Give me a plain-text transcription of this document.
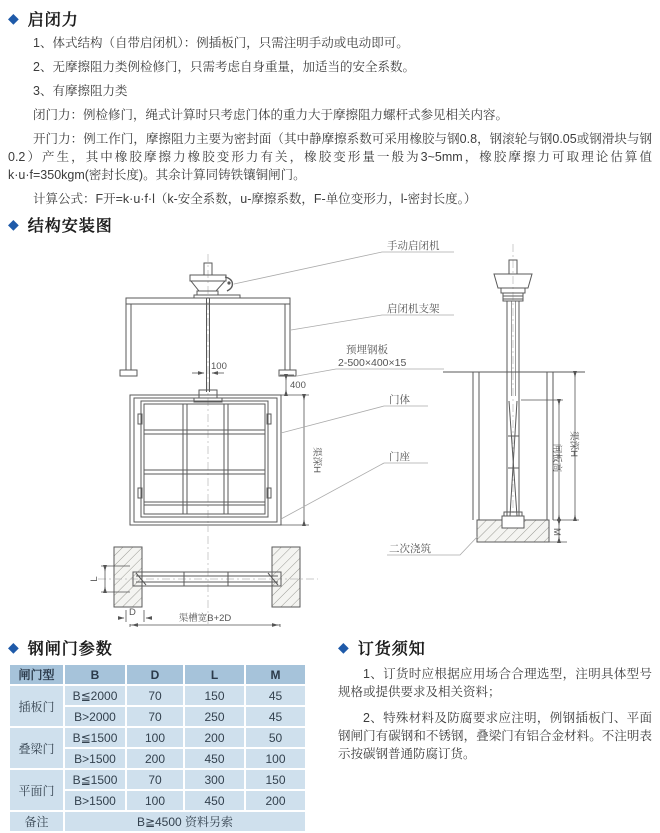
◆ 启闭力
1、体式结构（自带启闭机）：例插板门，只需注明手动或电动即可。
2、无摩擦阻力类例检修门，只需考虑自身重量，加适当的安全系数。
3、有摩擦阻力类
闭门力：例检修门，绳式计算时只考虑门体的重力大于摩擦阻力螺杆式参见相关内容。
开门力：例工作门，摩擦阻力主要为密封面（其中静摩擦系数可采用橡胶与钢0.8，钢滚轮与钢0.05或钢滑块与钢0.2）产生，其中橡胶摩擦力橡胶变形力有关，橡胶变形量一般为3~5mm，橡胶摩擦力可取理论估算值k·u·f=350kgm(密封长度)。其余计算同铸铁镶铜闸门。
计算公式：F开=k·u·f·l（k-安全系数，u-摩擦系数，F-单位变形力，l-密封长度。）
◆ 结构安装图
100
400
渠深H
L
D
渠槽宽B+2D
闸板高 渠深H
M
手动启闭机
启闭机支架
预埋钢板
2-500×400×15
门体
门座
二次浇筑
◆ 钢闸门参数
闸门型	B	D	L	M
插板门	B≦2000	70	150	45
	B>2000	70	250	45
叠梁门	B≦1500	100	200	50
	B>1500	200	450	100
平面门	B≦1500	70	300	150
	B>1500	100	450	200
备注	B≧4500 资料另索			
◆ 订货须知
1、订货时应根据应用场合合理选型，注明具体型号规格或提供要求及相关资料；
2、特殊材料及防腐要求应注明，例钢插板门、平面钢闸门有碳钢和不锈钢，叠梁门有铝合金材料。不注明表示按碳钢普通防腐订货。
